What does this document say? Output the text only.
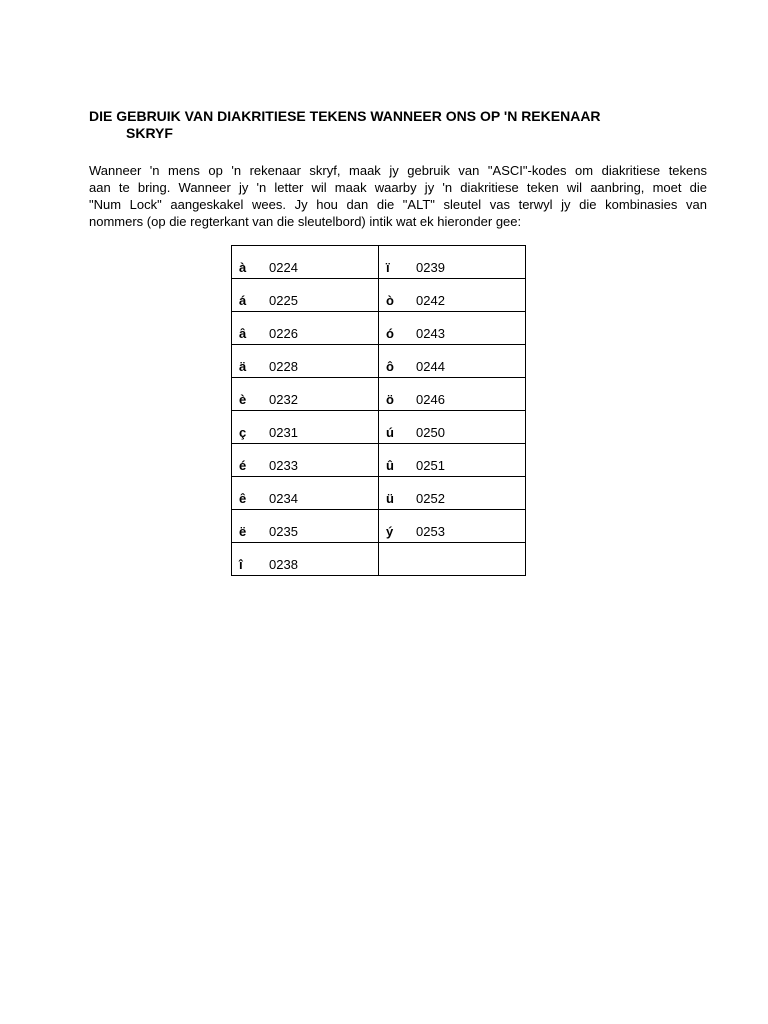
DIE GEBRUIK VAN DIAKRITIESE TEKENS WANNEER ONS OP 'N REKENAAR
SKRYF
Wanneer 'n mens op 'n rekenaar skryf, maak jy gebruik van "ASCI"-kodes om diakritiese tekens
aan te bring. Wanneer jy 'n letter wil maak waarby jy 'n diakritiese teken wil aanbring, moet die
"Num Lock" aangeskakel wees. Jy hou dan die "ALT" sleutel vas terwyl jy die kombinasies van
nommers (op die regterkant van die sleutelbord) intik wat ek hieronder gee:
à 0224	ï 0239

á 0225	ò 0242

â 0226	ó 0243

ä 0228	ô 0244

è 0232	ö 0246

ç 0231	ú 0250

é 0233	û 0251

ê 0234	ü 0252

ë 0235	ý 0253

î 0238	
